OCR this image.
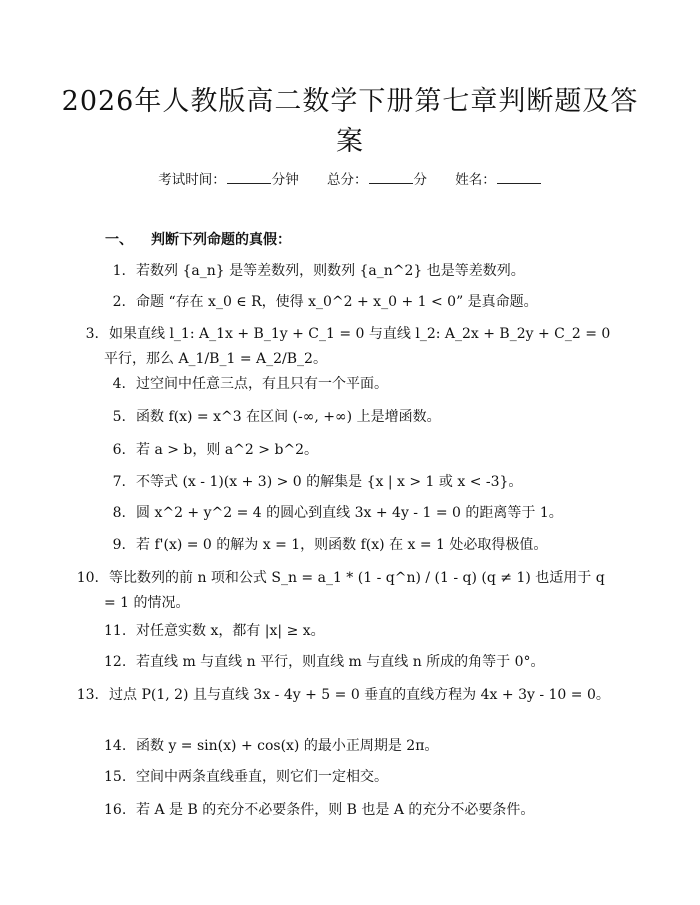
2026年人教版高二数学下册第七章判断题及答案
考试时间：	分钟 总分：	分 姓名：
一、 判断下列命题的真假：
1. 若数列 {a_n} 是等差数列，则数列 {a_n^2} 也是等差数列。
2. 命题 “存在 x_0 ∈ R，使得 x_0^2 + x_0 + 1 < 0” 是真命题。
3. 如果直线 l_1: A_1x + B_1y + C_1 = 0 与直线 l_2: A_2x + B_2y + C_2 = 0 平行，那么 A_1/B_1 = A_2/B_2。
4. 过空间中任意三点，有且只有一个平面。
5. 函数 f(x) = x^3 在区间 (-∞, +∞) 上是增函数。
6. 若 a > b，则 a^2 > b^2。
7. 不等式 (x - 1)(x + 3) > 0 的解集是 {x | x > 1 或 x < -3}。
8. 圆 x^2 + y^2 = 4 的圆心到直线 3x + 4y - 1 = 0 的距离等于 1。
9. 若 f'(x) = 0 的解为 x = 1，则函数 f(x) 在 x = 1 处必取得极值。
10. 等比数列的前 n 项和公式 S_n = a_1 * (1 - q^n) / (1 - q) (q ≠ 1) 也适用于 q = 1 的情况。
11. 对任意实数 x，都有 |x| ≥ x。
12. 若直线 m 与直线 n 平行，则直线 m 与直线 n 所成的角等于 0°。
13. 过点 P(1, 2) 且与直线 3x - 4y + 5 = 0 垂直的直线方程为 4x + 3y - 10 = 0。
14. 函数 y = sin(x) + cos(x) 的最小正周期是 2π。
15. 空间中两条直线垂直，则它们一定相交。
16. 若 A 是 B 的充分不必要条件，则 B 也是 A 的充分不必要条件。
